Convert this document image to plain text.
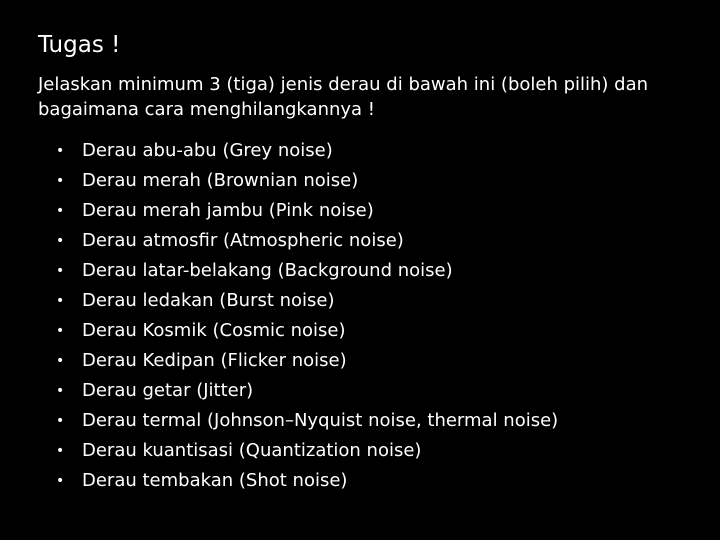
Tugas !
Jelaskan minimum 3 (tiga) jenis derau di bawah ini (boleh pilih) dan bagaimana cara menghilangkannya !
• Derau abu-abu (Grey noise)
• Derau merah (Brownian noise)
• Derau merah jambu (Pink noise)
• Derau atmosfir (Atmospheric noise)
• Derau latar-belakang (Background noise)
• Derau ledakan (Burst noise)
• Derau Kosmik (Cosmic noise)
• Derau Kedipan (Flicker noise)
• Derau getar (Jitter)
• Derau termal (Johnson–Nyquist noise, thermal noise)
• Derau kuantisasi (Quantization noise)
• Derau tembakan (Shot noise)
